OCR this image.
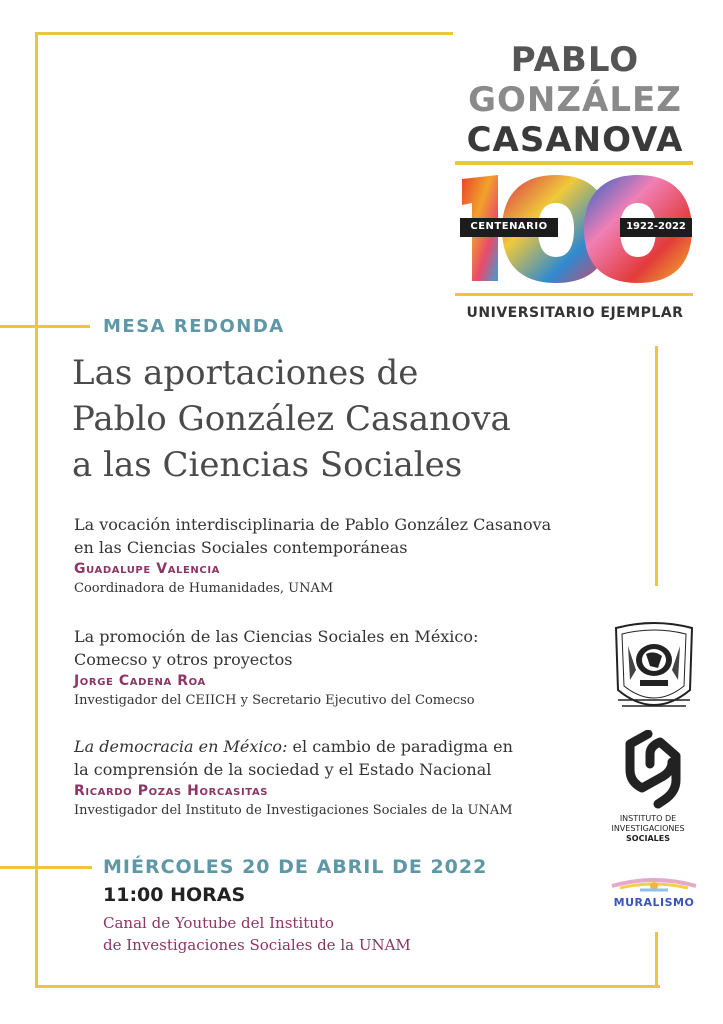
PABLO
GONZÁLEZ
CASANOVA
CENTENARIO	1922-2022
UNIVERSITARIO EJEMPLAR
MESA REDONDA
Las aportaciones de
Pablo González Casanova
a las Ciencias Sociales
La vocación interdisciplinaria de Pablo González Casanova
en las Ciencias Sociales contemporáneas
Guadalupe Valencia
Coordinadora de Humanidades, UNAM
La promoción de las Ciencias Sociales en México:
Comecso y otros proyectos
Jorge Cadena Roa
Investigador del CEIICH y Secretario Ejecutivo del Comecso
La democracia en México: el cambio de paradigma en
la comprensión de la sociedad y el Estado Nacional
Ricardo Pozas Horcasitas
Investigador del Instituto de Investigaciones Sociales de la UNAM
MIÉRCOLES 20 DE ABRIL DE 2022
11:00 HORAS
Canal de Youtube del Instituto
de Investigaciones Sociales de la UNAM
INSTITUTO DE
INVESTIGACIONES
SOCIALES
MURALISMO
